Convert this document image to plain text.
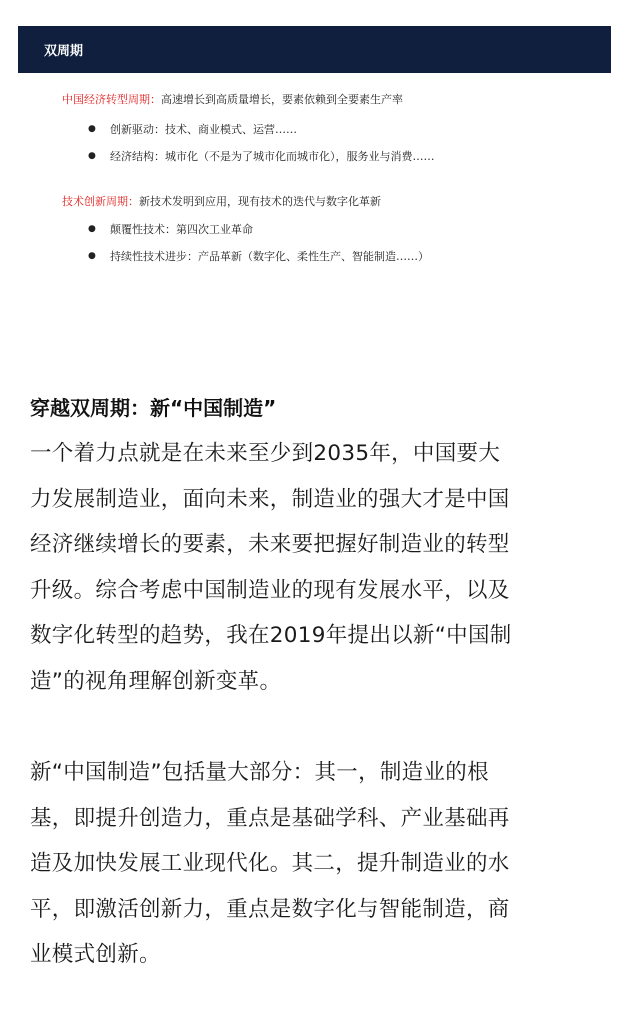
双周期
中国经济转型周期：高速增长到高质量增长，要素依赖到全要素生产率
● 创新驱动：技术、商业模式、运营……
● 经济结构：城市化（不是为了城市化而城市化），服务业与消费……
技术创新周期：新技术发明到应用，现有技术的迭代与数字化革新
● 颠覆性技术：第四次工业革命
● 持续性技术进步：产品革新（数字化、柔性生产、智能制造……）
穿越双周期：新“中国制造”

一个着力点就是在未来至少到2035年，中国要大
力发展制造业，面向未来，制造业的强大才是中国
经济继续增长的要素，未来要把握好制造业的转型
升级。综合考虑中国制造业的现有发展水平，以及
数字化转型的趋势，我在2019年提出以新“中国制
造”的视角理解创新变革。

新“中国制造”包括量大部分：其一，制造业的根
基，即提升创造力，重点是基础学科、产业基础再
造及加快发展工业现代化。其二，提升制造业的水
平，即激活创新力，重点是数字化与智能制造，商
业模式创新。
